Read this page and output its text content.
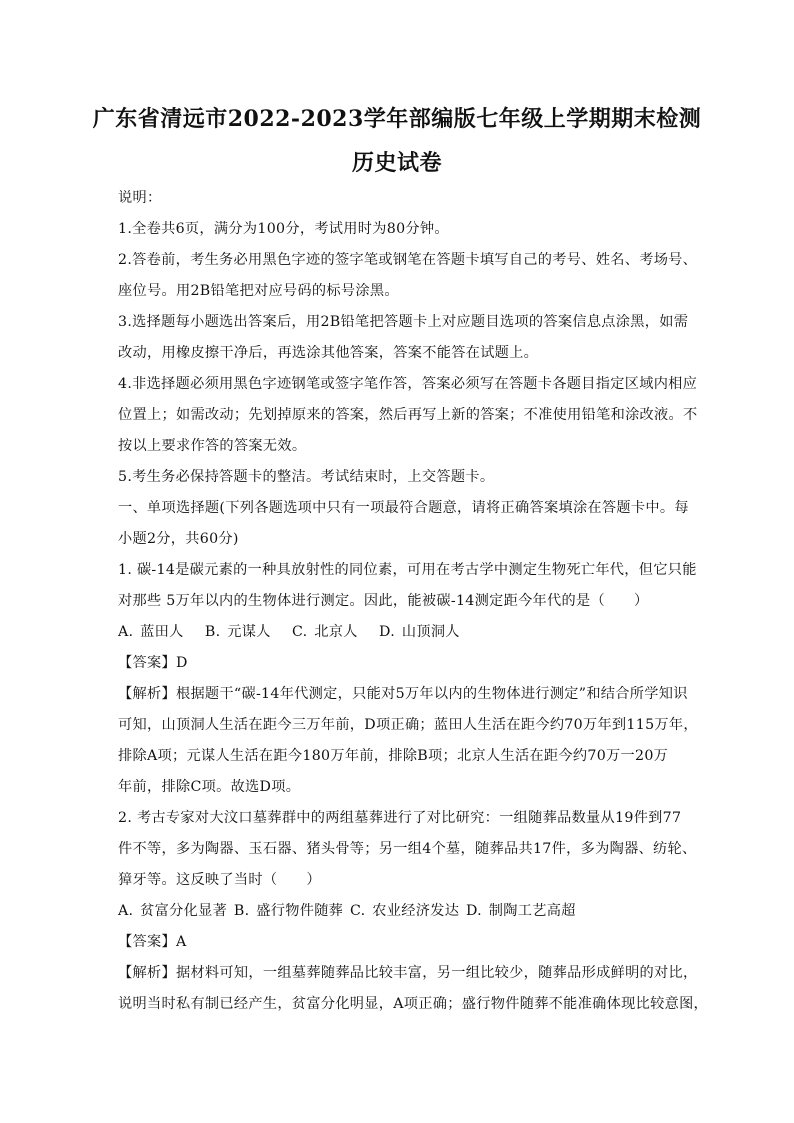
广东省清远市2022-2023学年部编版七年级上学期期末检测
历史试卷
说明：
1.全卷共6页，满分为100分，考试用时为80分钟。
2.答卷前，考生务必用黑色字迹的签字笔或钢笔在答题卡填写自己的考号、姓名、考场号、
座位号。用2B铅笔把对应号码的标号涂黑。
3.选择题每小题选出答案后，用2B铅笔把答题卡上对应题目选项的答案信息点涂黑，如需
改动，用橡皮擦干净后，再选涂其他答案，答案不能答在试题上。
4.非选择题必须用黑色字迹钢笔或签字笔作答，答案必须写在答题卡各题目指定区域内相应
位置上；如需改动；先划掉原来的答案，然后再写上新的答案；不准使用铅笔和涂改液。不
按以上要求作答的答案无效。
5.考生务必保持答题卡的整洁。考试结束时，上交答题卡。
一、单项选择题(下列各题选项中只有一项最符合题意，请将正确答案填涂在答题卡中。每
小题2分，共60分)
1. 碳-14是碳元素的一种具放射性的同位素，可用在考古学中测定生物死亡年代，但它只能
对那些 5万年以内的生物体进行测定。因此，能被碳-14测定距今年代的是（　　）
A. 蓝田人　 B. 元谋人　 C. 北京人　 D. 山顶洞人
【答案】D
【解析】根据题干“碳-14年代测定，只能对5万年以内的生物体进行测定”和结合所学知识
可知，山顶洞人生活在距今三万年前，D项正确；蓝田人生活在距今约70万年到115万年，
排除A项；元谋人生活在距今180万年前，排除B项；北京人生活在距今约70万一20万
年前，排除C项。故选D项。
2. 考古专家对大汶口墓葬群中的两组墓葬进行了对比研究：一组随葬品数量从19件到77
件不等，多为陶器、玉石器、猪头骨等；另一组4个墓，随葬品共17件，多为陶器、纺轮、
獐牙等。这反映了当时（　　）
A. 贫富分化显著 B. 盛行物件随葬 C. 农业经济发达 D. 制陶工艺高超
【答案】A
【解析】据材料可知，一组墓葬随葬品比较丰富，另一组比较少，随葬品形成鲜明的对比，
说明当时私有制已经产生，贫富分化明显，A项正确；盛行物件随葬不能准确体现比较意图，
